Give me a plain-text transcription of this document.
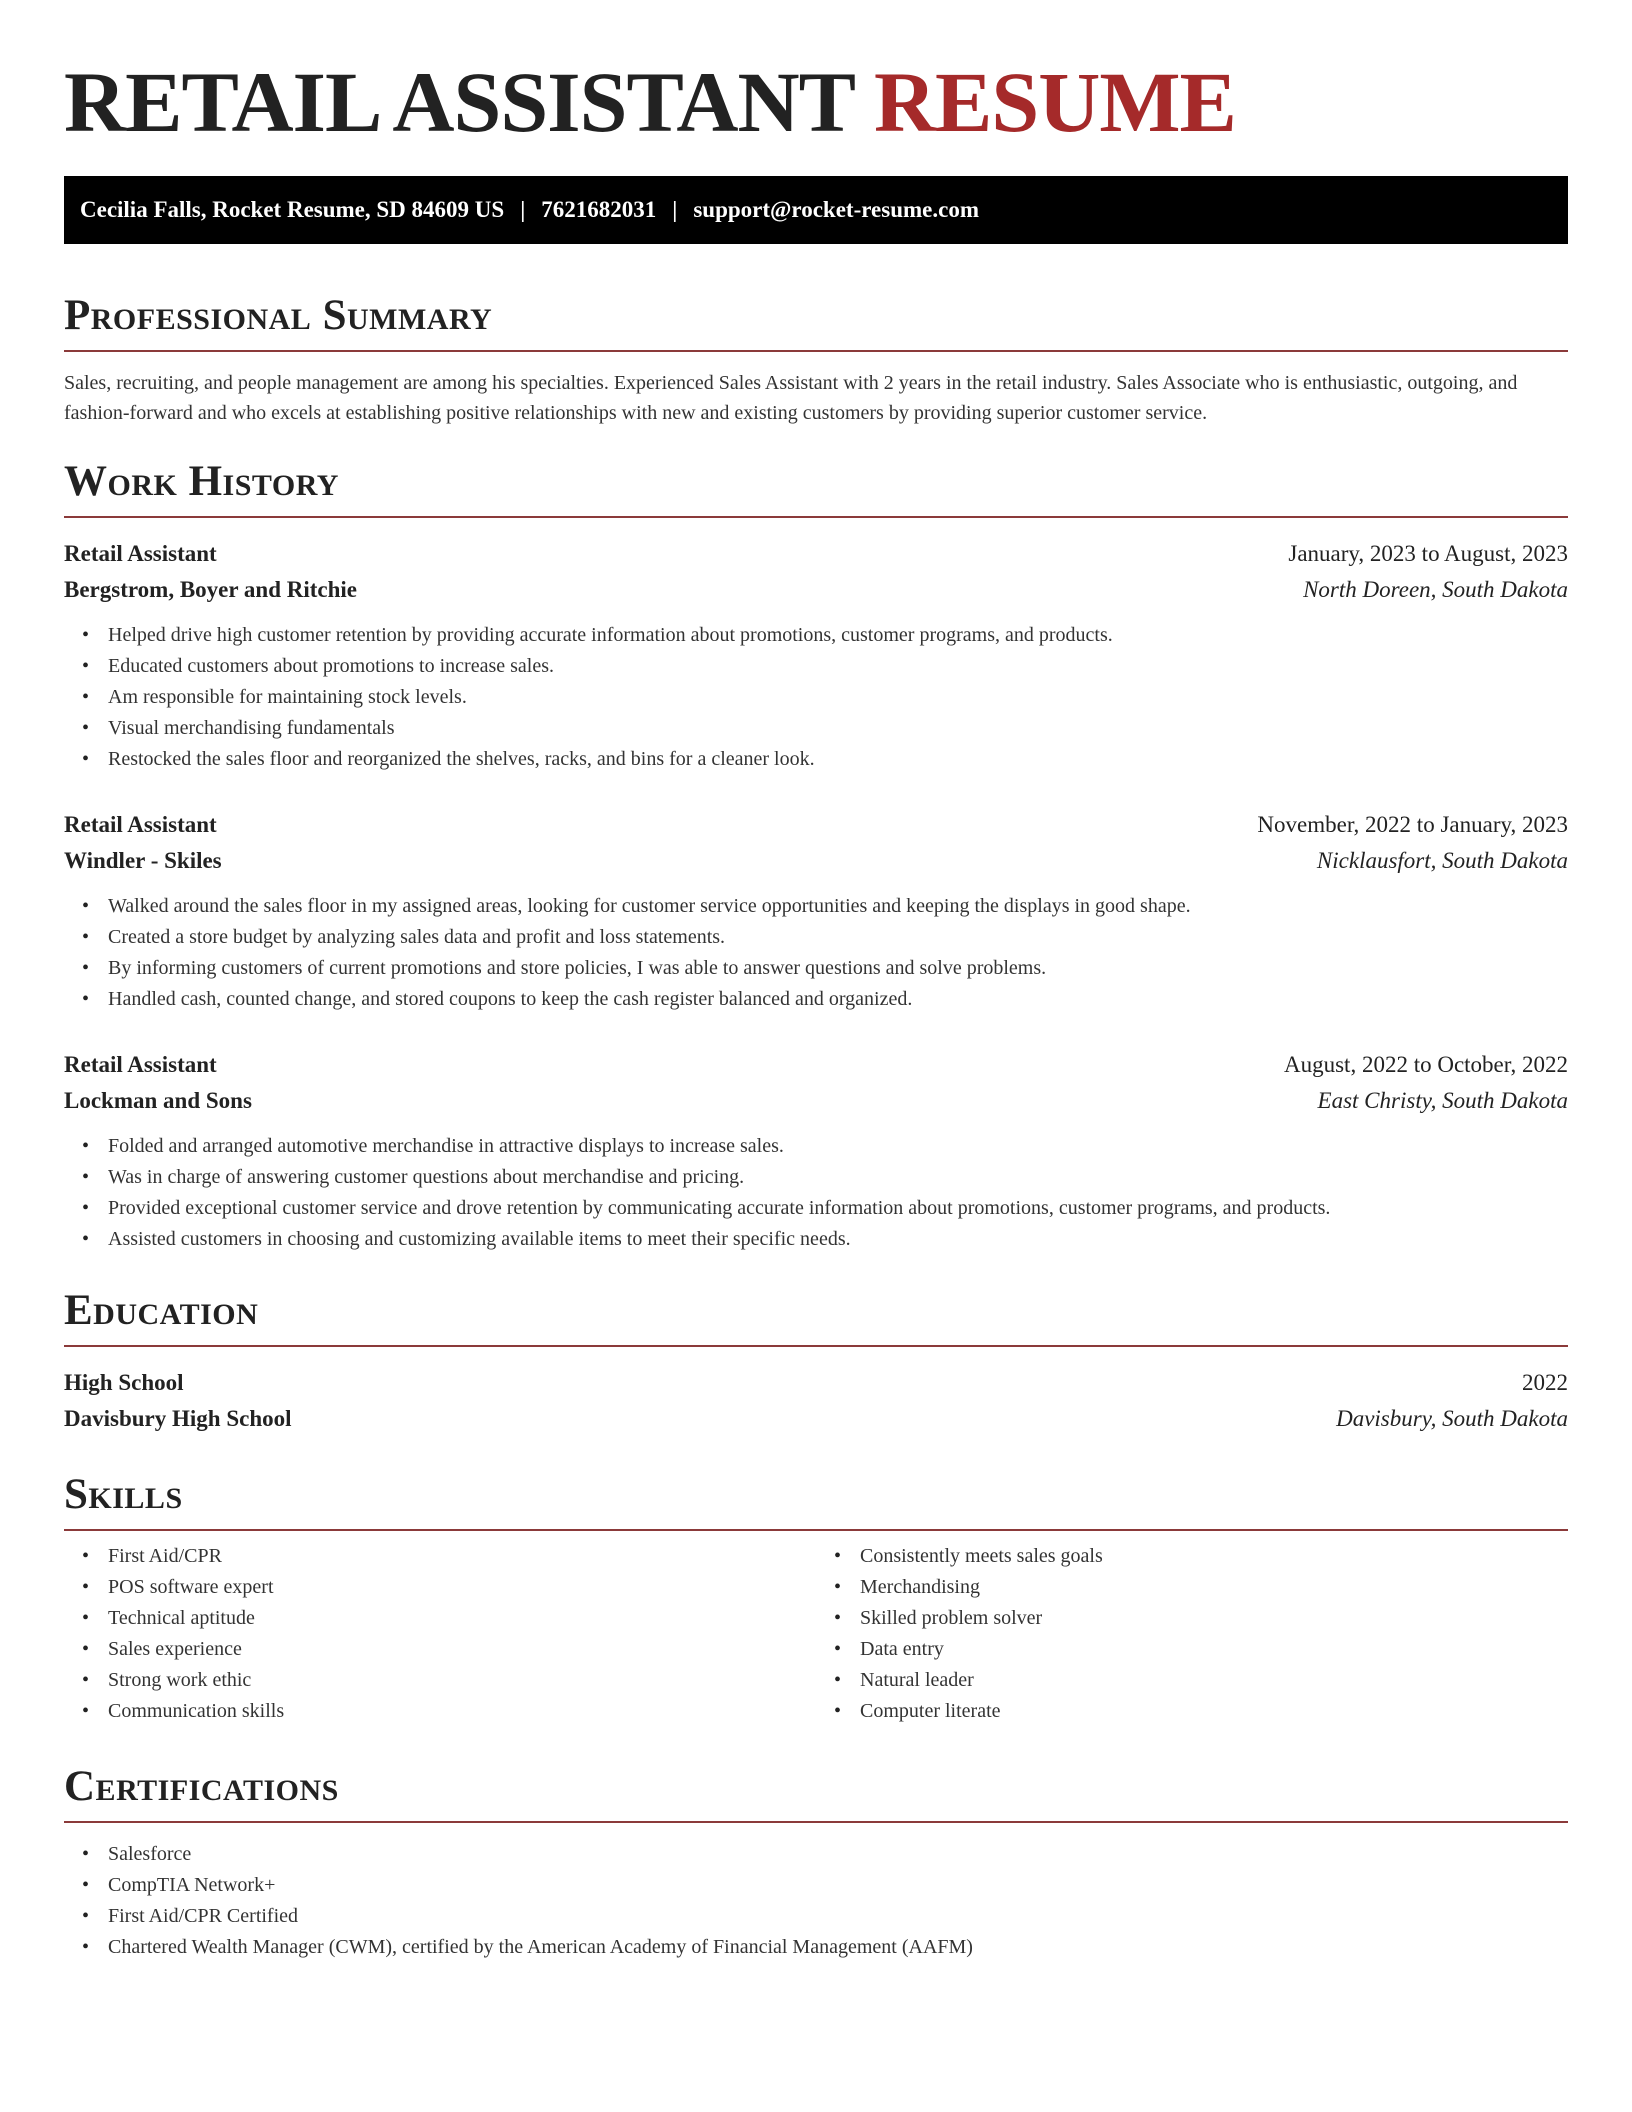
RETAIL ASSISTANT RESUME
Cecilia Falls, Rocket Resume, SD 84609 US | 7621682031 | support@rocket-resume.com
Professional Summary

Sales, recruiting, and people management are among his specialties. Experienced Sales Assistant with 2 years in the retail industry. Sales Associate who is enthusiastic, outgoing, and fashion-forward and who excels at establishing positive relationships with new and existing customers by providing superior customer service.

Work History
Retail Assistant	January, 2023 to August, 2023
Bergstrom, Boyer and Ritchie	North Doreen, South Dakota
• Helped drive high customer retention by providing accurate information about promotions, customer programs, and products.
• Educated customers about promotions to increase sales.
• Am responsible for maintaining stock levels.
• Visual merchandising fundamentals
• Restocked the sales floor and reorganized the shelves, racks, and bins for a cleaner look.
Retail Assistant	November, 2022 to January, 2023
Windler - Skiles	Nicklausfort, South Dakota
• Walked around the sales floor in my assigned areas, looking for customer service opportunities and keeping the displays in good shape.
• Created a store budget by analyzing sales data and profit and loss statements.
• By informing customers of current promotions and store policies, I was able to answer questions and solve problems.
• Handled cash, counted change, and stored coupons to keep the cash register balanced and organized.
Retail Assistant	August, 2022 to October, 2022
Lockman and Sons	East Christy, South Dakota
• Folded and arranged automotive merchandise in attractive displays to increase sales.
• Was in charge of answering customer questions about merchandise and pricing.
• Provided exceptional customer service and drove retention by communicating accurate information about promotions, customer programs, and products.
• Assisted customers in choosing and customizing available items to meet their specific needs.
Education
High School	2022
Davisbury High School	Davisbury, South Dakota
Skills
• First Aid/CPR
• POS software expert
• Technical aptitude
• Sales experience
• Strong work ethic
• Communication skills
• Consistently meets sales goals
• Merchandising
• Skilled problem solver
• Data entry
• Natural leader
• Computer literate
Certifications
• Salesforce
• CompTIA Network+
• First Aid/CPR Certified
• Chartered Wealth Manager (CWM), certified by the American Academy of Financial Management (AAFM)
